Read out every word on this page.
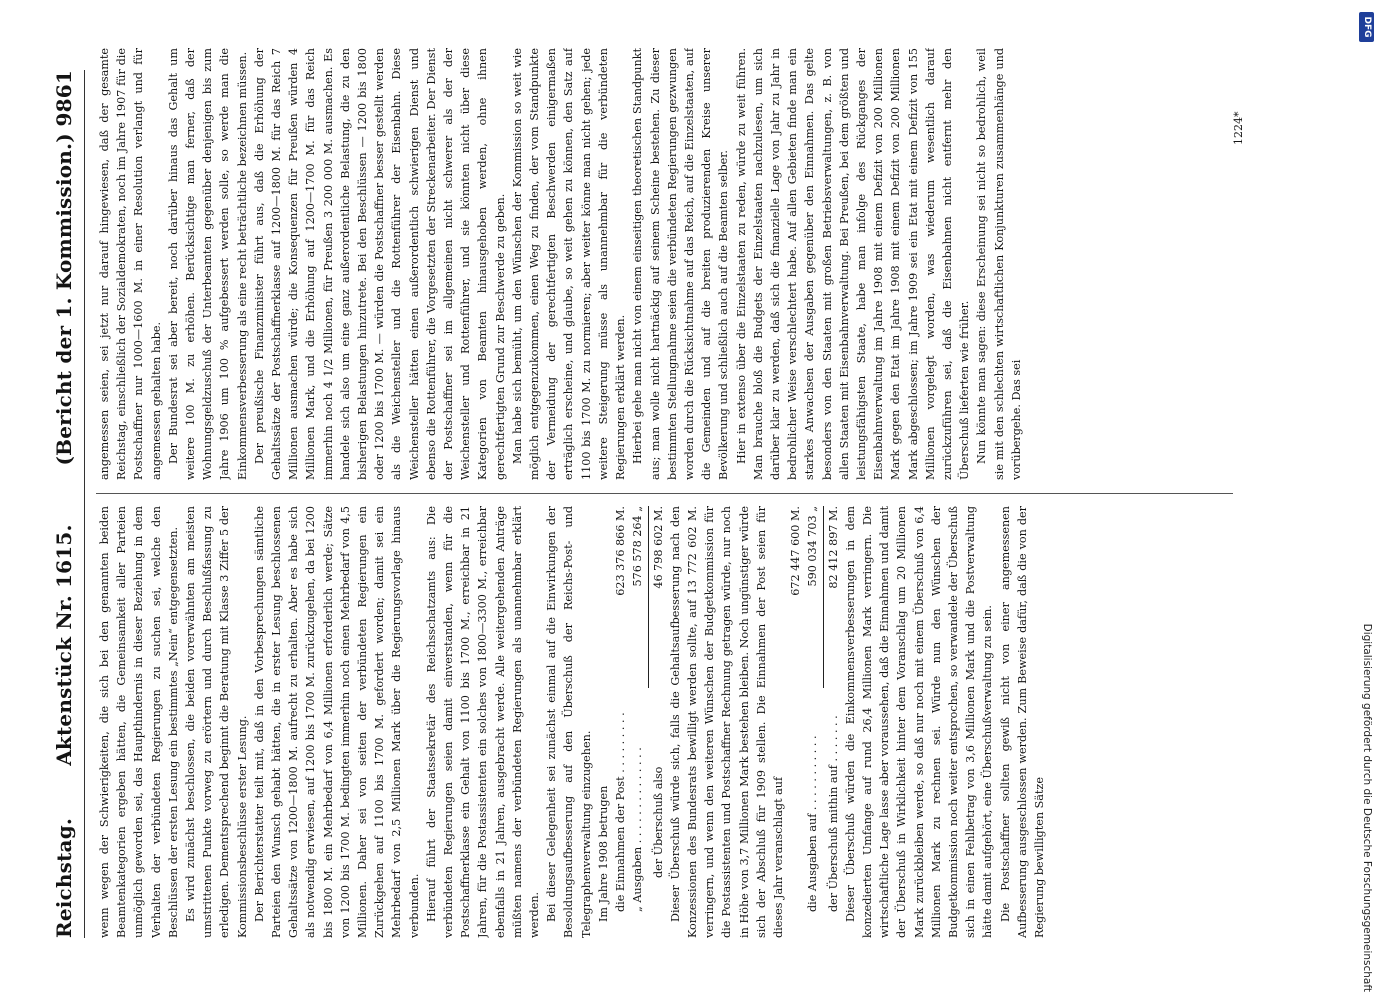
Reichstag.
Aktenstück Nr. 1615.
(Bericht der 1. Kommission.)
9861

wenn wegen der Schwierigkeiten, die sich bei den genannten beiden Beamtenkategorien ergeben hätten, die Gemeinsamkeit aller Parteien unmöglich geworden sei, das Haupthindernis in dieser Beziehung in dem Verhalten der verbündeten Regierungen zu suchen sei, welche den Beschlüssen der ersten Lesung ein bestimmtes „Nein“ entgegensetzten. Es wird zunächst beschlossen, die beiden vorerwähnten am meisten umstrittenen Punkte vorweg zu erörtern und durch Beschlußfassung zu erledigen. Dementsprechend beginnt die Beratung mit Klasse 3 Ziffer 5 der Kommissionsbeschlüsse erster Lesung. Der Berichterstatter teilt mit, daß in den Vorbesprechungen sämtliche Parteien den Wunsch gehabt hätten, die in erster Lesung beschlossenen Gehaltssätze von 1200—1800 M. aufrecht zu erhalten. Aber es habe sich als notwendig erwiesen, auf 1200 bis 1700 M. zurückzugehen, da bei 1200 bis 1800 M. ein Mehrbedarf von 6,4 Millionen erforderlich werde; Sätze von 1200 bis 1700 M. bedingten immerhin noch einen Mehrbedarf von 4,5 Millionen. Daher sei von seiten der verbündeten Regierungen ein Zurückgehen auf 1100 bis 1700 M. gefordert worden; damit sei ein Mehrbedarf von 2,5 Millionen Mark über die Regierungsvorlage hinaus verbunden. Hierauf führt der Staatssekretär des Reichsschatzamts aus: Die verbündeten Regierungen seien damit einverstanden, wenn für die Postschaffnerklasse ein Gehalt von 1100 bis 1700 M., erreichbar in 21 Jahren, für die Postassistenten ein solches von 1800—3300 M., erreichbar ebenfalls in 21 Jahren, ausgebracht werde. Alle weitergehenden Anträge müßten namens der verbündeten Regierungen als unannehmbar erklärt werden. Bei dieser Gelegenheit sei zunächst einmal auf die Einwirkungen der Besoldungsaufbesserung auf den Überschuß der Reichs-Post- und Telegraphenverwaltung einzugehen. Im Jahre 1908 betrugen die Einnahmen der Post . . . . . . . . .
623 376 866 M.
„ Ausgaben . . . . . . . . . . . . . .
576 578 264 „
der Überschuß also
46 798 602 M. Dieser Überschuß würde sich, falls die Gehaltsaufbesserung nach den Konzessionen des Bundesrats bewilligt werden sollte, auf 13 772 602 M. verringern, und wenn den weiteren Wünschen der Budgetkommission für die Postassistenten und Postschaffner Rechnung getragen würde, nur noch in Höhe von 3,7 Millionen Mark bestehen bleiben. Noch ungünstiger würde sich der Abschluß für 1909 stellen. Die Einnahmen der Post seien für dieses Jahr veranschlagt auf

672 447 600 M.
die Ausgaben auf . . . . . . . . . . .
590 034 703 „
der Überschuß mithin auf . . . . . . .
82 412 897 M. Dieser Überschuß würden die Einkommensverbesserungen in dem konzedierten Umfange auf rund 26,4 Millionen Mark verringern. Die wirtschaftliche Lage lasse aber voraussehen, daß die Einnahmen und damit der Überschuß in Wirklichkeit hinter dem Voranschlag um 20 Millionen Mark zurückbleiben werde, so daß nur noch mit einem Überschuß von 6,4 Millionen Mark zu rechnen sei. Würde nun den Wünschen der Budgetkommission noch weiter entsprochen, so verwandele der Überschuß sich in einen Fehlbetrag von 3,6 Millionen Mark und die Postverwaltung hätte damit aufgehört, eine Überschußverwaltung zu sein. Die Postschaffner sollten gewiß nicht von einer angemessenen Aufbesserung ausgeschlossen werden. Zum Beweise dafür, daß die von der Regierung bewilligten Sätze

angemessen seien, sei jetzt nur darauf hingewiesen, daß der gesamte Reichstag, einschließlich der Sozialdemokraten, noch im Jahre 1907 für die Postschaffner nur 1000—1600 M. in einer Resolution verlangt und für angemessen gehalten habe. Der Bundesrat sei aber bereit, noch darüber hinaus das Gehalt um weitere 100 M. zu erhöhen. Berücksichtige man ferner, daß der Wohnungsgeldzuschuß der Unterbeamten gegenüber denjenigen bis zum Jahre 1906 um 100 % aufgebessert werden solle, so werde man die Einkommensverbesserung als eine recht beträchtliche bezeichnen müssen. Der preußische Finanzminister führt aus, daß die Erhöhung der Gehaltssätze der Postschaffnerklasse auf 1200—1800 M. für das Reich 7 Millionen ausmachen würde; die Konsequenzen für Preußen würden 4 Millionen Mark, und die Erhöhung auf 1200—1700 M. für das Reich immerhin noch 4 1/2 Millionen, für Preußen 3 200 000 M. ausmachen. Es handele sich also um eine ganz außerordentliche Belastung, die zu den bisherigen Belastungen hinzutrete. Bei den Beschlüssen — 1200 bis 1800 oder 1200 bis 1700 M. — würden die Postschaffner besser gestellt werden als die Weichensteller und die Rottenführer der Eisenbahn. Diese Weichensteller hätten einen außerordentlich schwierigen Dienst und ebenso die Rottenführer, die Vorgesetzten der Streckenarbeiter. Der Dienst der Postschaffner sei im allgemeinen nicht schwerer als der der Weichensteller und Rottenführer, und sie könnten nicht über diese Kategorien von Beamten hinausgehoben werden, ohne ihnen gerechtfertigten Grund zur Beschwerde zu geben. Man habe sich bemüht, um den Wünschen der Kommission so weit wie möglich entgegenzukommen, einen Weg zu finden, der vom Standpunkte der Vermeidung der gerechtfertigten Beschwerden einigermaßen erträglich erscheine, und glaube, so weit gehen zu können, den Satz auf 1100 bis 1700 M. zu normieren; aber weiter könne man nicht gehen; jede weitere Steigerung müsse als unannehmbar für die verbündeten Regierungen erklärt werden. Hierbei gehe man nicht von einem einseitigen theoretischen Standpunkt aus; man wolle nicht hartnäckig auf seinem Scheine bestehen. Zu dieser bestimmten Stellungnahme seien die verbündeten Regierungen gezwungen worden durch die Rücksichtnahme auf das Reich, auf die Einzelstaaten, auf die Gemeinden und auf die breiten produzierenden Kreise unserer Bevölkerung und schließlich auch auf die Beamten selber. Hier in extenso über die Einzelstaaten zu reden, würde zu weit führen. Man brauche bloß die Budgets der Einzelstaaten nachzulesen, um sich darüber klar zu werden, daß sich die finanzielle Lage von Jahr zu Jahr in bedrohlicher Weise verschlechtert habe. Auf allen Gebieten finde man ein starkes Anwachsen der Ausgaben gegenüber den Einnahmen. Das gelte besonders von den Staaten mit großen Betriebsverwaltungen, z. B. von allen Staaten mit Eisenbahnverwaltung. Bei Preußen, bei dem größten und leistungsfähigsten Staate, habe man infolge des Rückganges der Eisenbahnverwaltung im Jahre 1908 mit einem Defizit von 200 Millionen Mark gegen den Etat im Jahre 1908 mit einem Defizit von 200 Millionen Mark abgeschlossen; im Jahre 1909 sei ein Etat mit einem Defizit von 155 Millionen vorgelegt worden, was wiederum wesentlich darauf zurückzuführen sei, daß die Eisenbahnen nicht entfernt mehr den Überschuß lieferten wie früher. Nun könnte man sagen: diese Erscheinung sei nicht so bedrohlich, weil sie mit den schlechten wirtschaftlichen Konjunkturen zusammenhänge und vorübergehe. Das sei

1224*
Digitalisierung gefördert durch die Deutsche Forschungsgemeinschaft
DFG
